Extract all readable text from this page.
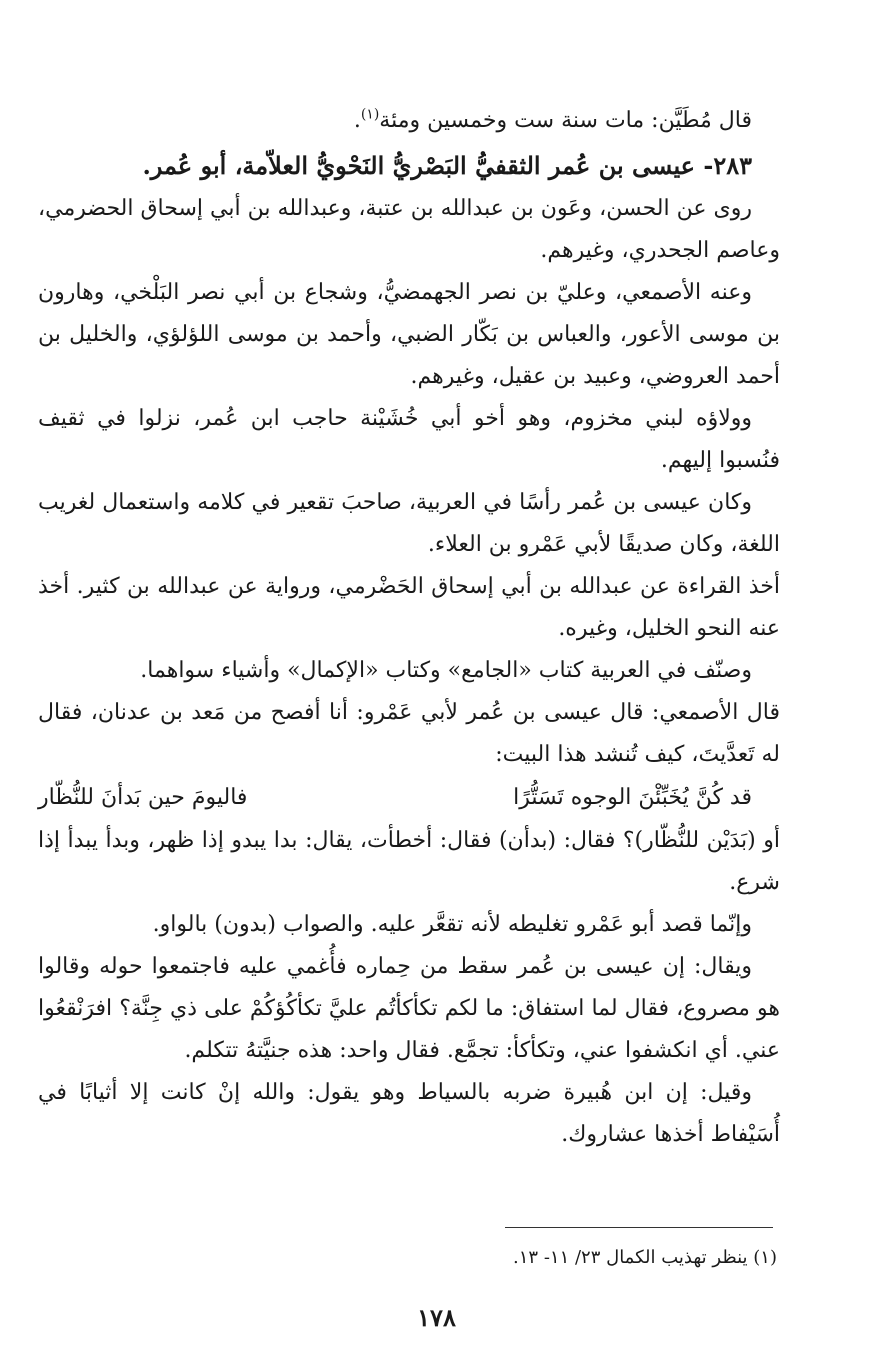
قال مُطَيَّن: مات سنة ست وخمسين ومئة$^{(١)}$.

٢٨٣- عيسى بن عُمر الثقفيُّ البَصْريُّ النَحْويُّ العلاّمة، أبو عُمر.

روى عن الحسن، وعَون بن عبدالله بن عتبة، وعبدالله بن أبي إسحاق الحضرمي، وعاصم الجحدري، وغيرهم.

وعنه الأصمعي، وعليّ بن نصر الجهمضيُّ، وشجاع بن أبي نصر البَلْخي، وهارون بن موسى الأعور، والعباس بن بَكّار الضبي، وأحمد بن موسى اللؤلؤي، والخليل بن أحمد العروضي، وعبيد بن عقيل، وغيرهم.

وولاؤه لبني مخزوم، وهو أخو أبي خُشَيْنة حاجب ابن عُمر، نزلوا في ثقيف فنُسبوا إليهم.

وكان عيسى بن عُمر رأسًا في العربية، صاحبَ تقعير في كلامه واستعمال لغريب اللغة، وكان صديقًا لأبي عَمْرو بن العلاء.

أخذ القراءة عن عبدالله بن أبي إسحاق الحَضْرمي، ورواية عن عبدالله بن كثير. أخذ عنه النحو الخليل، وغيره.

وصنّف في العربية كتاب «الجامع» وكتاب «الإكمال» وأشياء سواهما.

قال الأصمعي: قال عيسى بن عُمر لأبي عَمْرو: أنا أفصح من مَعد بن عدنان، فقال له تَعدَّيتَ، كيف تُنشد هذا البيت:

قد كُنَّ يُخَبِّئْنَ الوجوه تَسَتُّرًا
فاليومَ حين بَدأنَ للنُّظّار

أو (بَدَيْن للنُّظّار)؟ فقال: (بدأن) فقال: أخطأت، يقال: بدا يبدو إذا ظهر، وبدأ يبدأ إذا شرع.

وإنّما قصد أبو عَمْرو تغليطه لأنه تقعَّر عليه. والصواب (بدون) بالواو.

ويقال: إن عيسى بن عُمر سقط من حِماره فأُغمي عليه فاجتمعوا حوله وقالوا هو مصروع، فقال لما استفاق: ما لكم تكأكأتُم عليَّ تكأكُؤكُمْ على ذي جِنَّة؟ افرَنْقعُوا عني. أي انكشفوا عني، وتكأكأ: تجمَّع. فقال واحد: هذه جنيَّتهُ تتكلم.

وقيل: إن ابن هُبيرة ضربه بالسياط وهو يقول: والله إنْ كانت إلا أثيابًا في أُسَيْفاط أخذها عشاروك.

(١) ينظر تهذيب الكمال ٢٣/ ١١- ١٣.
١٧٨
